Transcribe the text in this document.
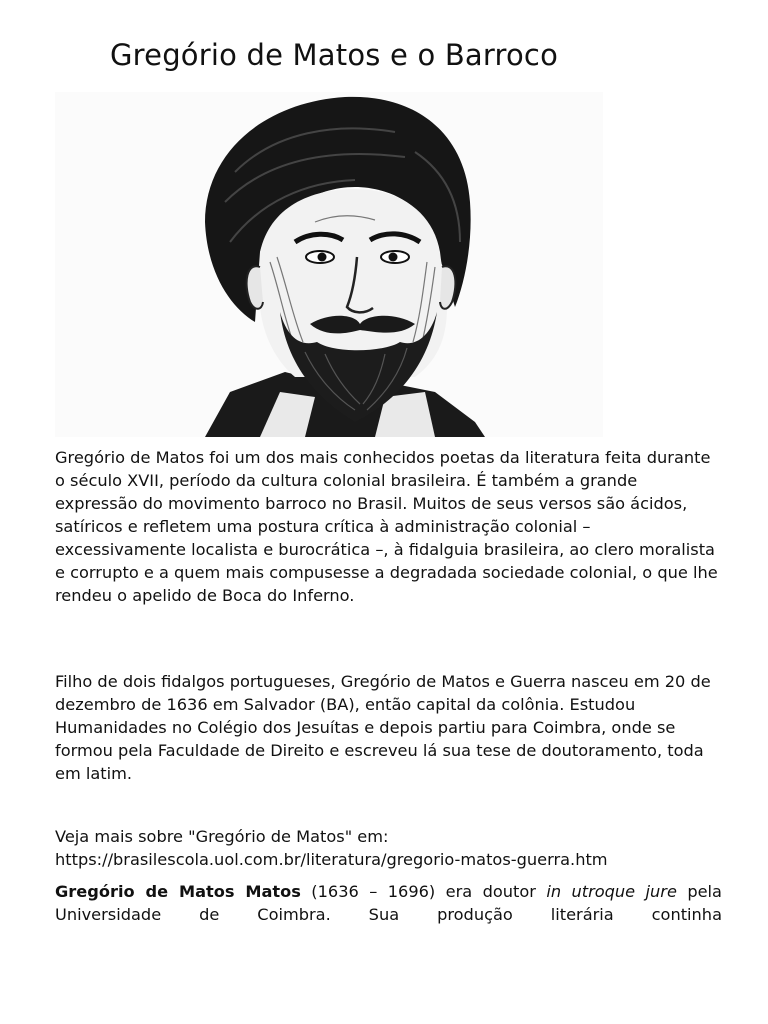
Gregório de Matos e o Barroco

Gregório de Matos foi um dos mais conhecidos poetas da literatura feita durante o século XVII, período da cultura colonial brasileira. É também a grande expressão do movimento barroco no Brasil. Muitos de seus versos são ácidos, satíricos e refletem uma postura crítica à administração colonial – excessivamente localista e burocrática –, à fidalguia brasileira, ao clero moralista e corrupto e a quem mais compusesse a degradada sociedade colonial, o que lhe rendeu o apelido de Boca do Inferno.

Filho de dois fidalgos portugueses, Gregório de Matos e Guerra nasceu em 20 de dezembro de 1636 em Salvador (BA), então capital da colônia. Estudou Humanidades no Colégio dos Jesuítas e depois partiu para Coimbra, onde se formou pela Faculdade de Direito e escreveu lá sua tese de doutoramento, toda em latim.

Veja mais sobre "Gregório de Matos" em:
https://brasilescola.uol.com.br/literatura/gregorio-matos-guerra.htm

Gregório de Matos Matos (1636 – 1696) era doutor in utroque jure pela Universidade de Coimbra. Sua produção literária continha
